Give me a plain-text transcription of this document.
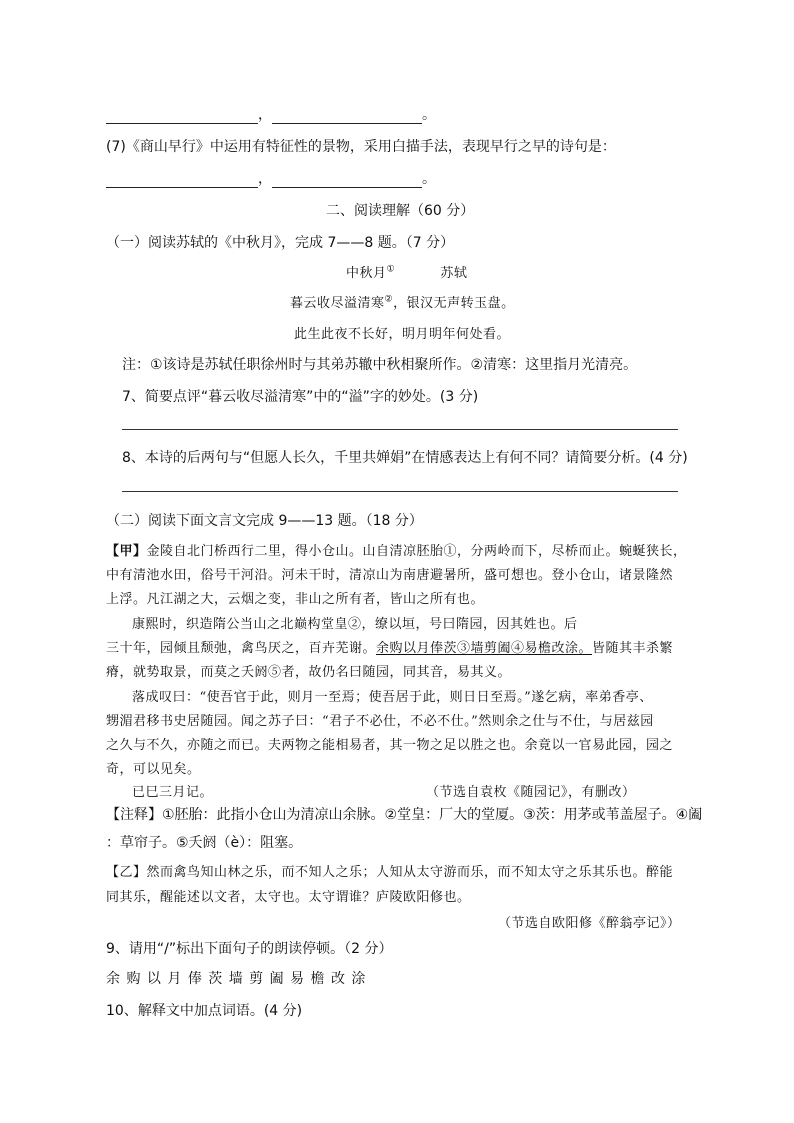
，	。
(7)《商山早行》中运用有特征性的景物，采用白描手法，表现早行之早的诗句是：
，	。
二、阅读理解（60 分）
（一）阅读苏轼的《中秋月》，完成 7——8 题。（7 分）
中秋月①	苏轼
暮云收尽溢清寒②，银汉无声转玉盘。
此生此夜不长好，明月明年何处看。
注：①该诗是苏轼任职徐州时与其弟苏辙中秋相聚所作。②清寒：这里指月光清亮。
7、简要点评“暮云收尽溢清寒”中的“溢”字的妙处。(3 分)
8、本诗的后两句与“但愿人长久，千里共婵娟”在情感表达上有何不同？请简要分析。(4 分)
（二）阅读下面文言文完成 9——13 题。（18 分）
【甲】金陵自北门桥西行二里，得小仓山。山自清凉胚胎①，分两岭而下，尽桥而止。蜿蜒狭长，
中有清池水田，俗号干河沿。河未干时，清凉山为南唐避暑所，盛可想也。登小仓山，诸景隆然
上浮。凡江湖之大，云烟之变，非山之所有者，皆山之所有也。
康熙时，织造隋公当山之北巅构堂皇②，缭以垣，号曰隋园，因其姓也。后
三十年，园倾且颓弛，禽鸟厌之，百卉芜谢。余购以月俸茨③墙剪阖④易檐改涂。皆随其丰杀繁
瘠，就势取景，而莫之夭阏⑤者，故仍名曰随园，同其音，易其义。
落成叹曰：“使吾官于此，则月一至焉；使吾居于此，则日日至焉。”遂乞病，率弟香亭、
甥湄君移书史居随园。闻之苏子曰：“君子不必仕，不必不仕。”然则余之仕与不仕，与居兹园
之久与不久，亦随之而已。夫两物之能相易者，其一物之足以胜之也。余竟以一官易此园，园之
奇，可以见矣。
已巳三月记。	（节选自袁枚《随园记》，有删改）
【注释】①胚胎：此指小仓山为清凉山余脉。②堂皇：厂大的堂厦。③茨：用茅或苇盖屋子。④阖
：草帘子。⑤夭阏（è）：阻塞。
【乙】然而禽鸟知山林之乐，而不知人之乐；人知从太守游而乐，而不知太守之乐其乐也。醉能
同其乐，醒能述以文者，太守也。太守谓谁？庐陵欧阳修也。
（节选自欧阳修《醉翁亭记》）
9、请用“/”标出下面句子的朗读停顿。（2 分）
余 购 以 月 俸 茨 墙 剪 阖 易 檐 改 涂
10、解释文中加点词语。(4 分)
